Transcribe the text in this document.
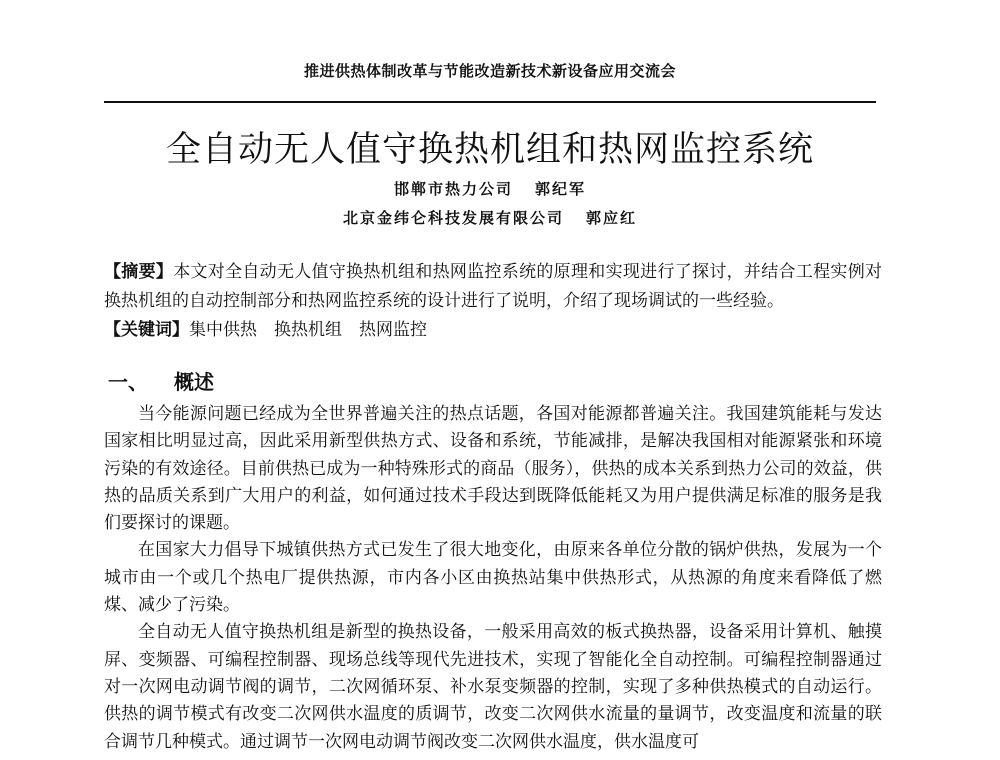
推进供热体制改革与节能改造新技术新设备应用交流会
全自动无人值守换热机组和热网监控系统
邯郸市热力公司 郭纪军
北京金纬仑科技发展有限公司 郭应红

【摘要】本文对全自动无人值守换热机组和热网监控系统的原理和实现进行了探讨，并结合工程实例对换热机组的自动控制部分和热网监控系统的设计进行了说明，介绍了现场调试的一些经验。

【关键词】集中供热　换热机组　热网监控

一、 概述

当今能源问题已经成为全世界普遍关注的热点话题，各国对能源都普遍关注。我国建筑能耗与发达国家相比明显过高，因此采用新型供热方式、设备和系统，节能减排，是解决我国相对能源紧张和环境污染的有效途径。目前供热已成为一种特殊形式的商品（服务），供热的成本关系到热力公司的效益，供热的品质关系到广大用户的利益，如何通过技术手段达到既降低能耗又为用户提供满足标准的服务是我们要探讨的课题。

在国家大力倡导下城镇供热方式已发生了很大地变化，由原来各单位分散的锅炉供热，发展为一个城市由一个或几个热电厂提供热源，市内各小区由换热站集中供热形式，从热源的角度来看降低了燃煤、减少了污染。

全自动无人值守换热机组是新型的换热设备，一般采用高效的板式换热器，设备采用计算机、触摸屏、变频器、可编程控制器、现场总线等现代先进技术，实现了智能化全自动控制。可编程控制器通过对一次网电动调节阀的调节，二次网循环泵、补水泵变频器的控制，实现了多种供热模式的自动运行。供热的调节模式有改变二次网供水温度的质调节，改变二次网供水流量的量调节，改变温度和流量的联合调节几种模式。通过调节一次网电动调节阀改变二次网供水温度，供水温度可
